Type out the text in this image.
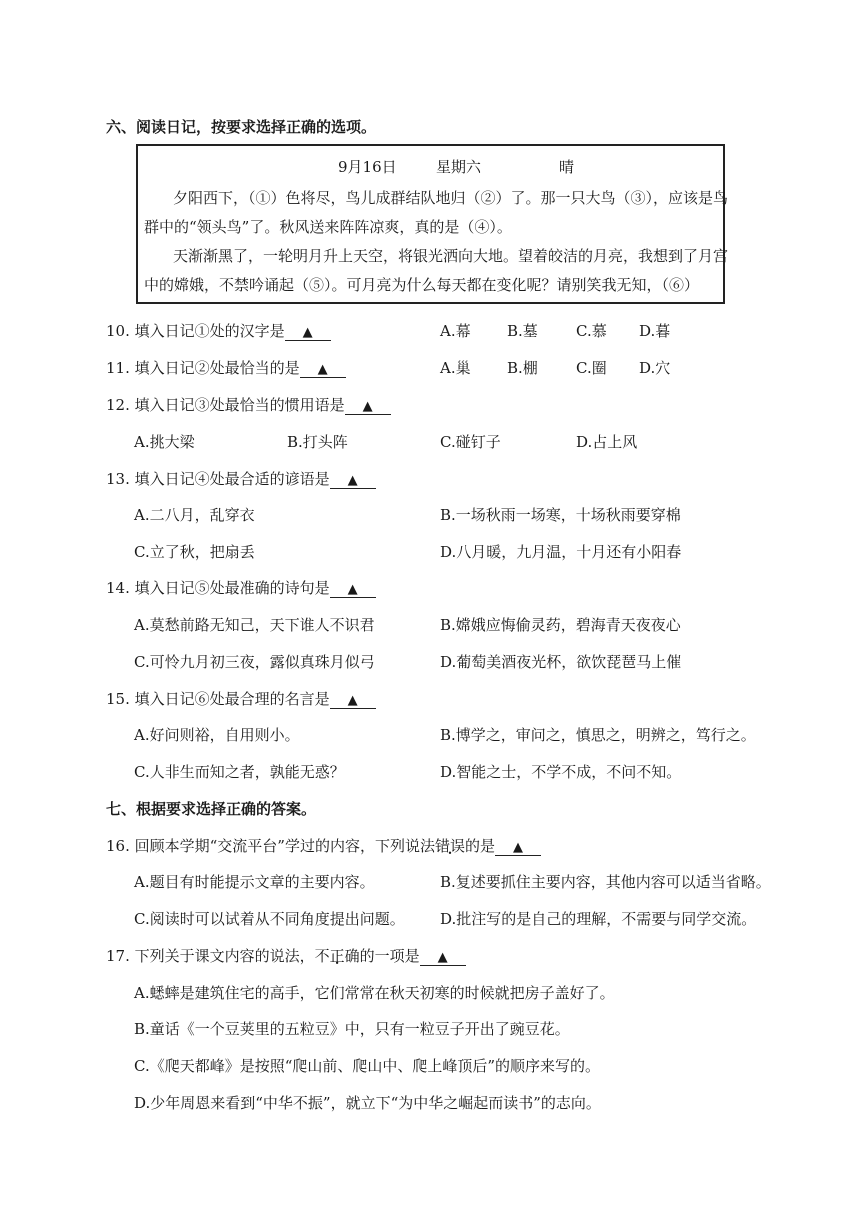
六、阅读日记，按要求选择正确的选项。
9月16日	星期六	晴
夕阳西下，（①）色将尽，鸟儿成群结队地归（②）了。那一只大鸟（③），应该是鸟
群中的“领头鸟”了。秋风送来阵阵凉爽，真的是（④）。
天渐渐黑了，一轮明月升上天空，将银光洒向大地。望着皎洁的月亮，我想到了月宫
中的嫦娥，不禁吟诵起（⑤）。可月亮为什么每天都在变化呢？请别笑我无知，（⑥）
10. 填入日记①处的汉字是 ▲	A.幕 B.墓	C.慕 D.暮
11. 填入日记②处最恰当的是 ▲	A.巢 B.棚	C.圈 D.穴
12. 填入日记③处最恰当的惯用语是 ▲
A.挑大梁	B.打头阵	C.碰钉子	D.占上风
13. 填入日记④处最合适的谚语是 ▲
A.二八月，乱穿衣	B.一场秋雨一场寒，十场秋雨要穿棉
C.立了秋，把扇丢	D.八月暖，九月温，十月还有小阳春
14. 填入日记⑤处最准确的诗句是 ▲
A.莫愁前路无知己，天下谁人不识君	B.嫦娥应悔偷灵药，碧海青天夜夜心
C.可怜九月初三夜，露似真珠月似弓	D.葡萄美酒夜光杯，欲饮琵琶马上催
15. 填入日记⑥处最合理的名言是 ▲
A.好问则裕，自用则小。	B.博学之，审问之，慎思之，明辨之，笃行之。
C.人非生而知之者，孰能无惑？	D.智能之士，不学不成，不问不知。
七、根据要求选择正确的答案。
16. 回顾本学期“交流平台”学过的内容，下列说法错误的是 ▲
A.题目有时能提示文章的主要内容。	B.复述要抓住主要内容，其他内容可以适当省略。
C.阅读时可以试着从不同角度提出问题。 D.批注写的是自己的理解，不需要与同学交流。
17. 下列关于课文内容的说法，不正确的一项是 ▲
A.蟋蟀是建筑住宅的高手，它们常常在秋天初寒的时候就把房子盖好了。
B.童话《一个豆荚里的五粒豆》中，只有一粒豆子开出了豌豆花。
C.《爬天都峰》是按照“爬山前、爬山中、爬上峰顶后”的顺序来写的。
D.少年周恩来看到“中华不振”，就立下“为中华之崛起而读书”的志向。
